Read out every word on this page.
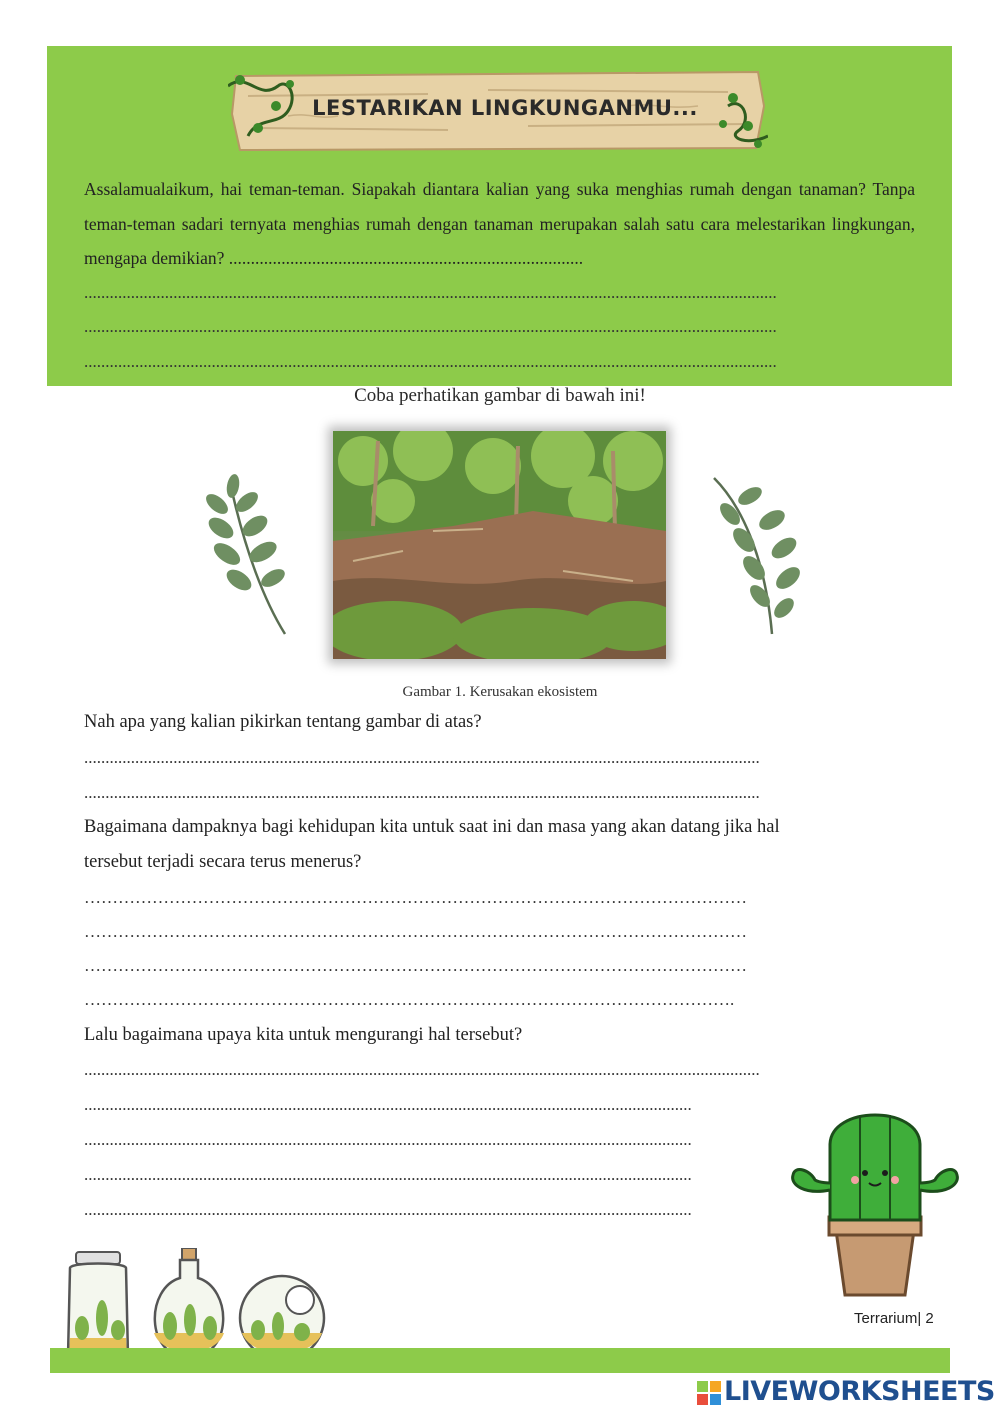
LESTARIKAN LINGKUNGANMU...

Assalamualaikum, hai teman-teman. Siapakah diantara kalian yang suka menghias rumah dengan tanaman? Tanpa teman-teman sadari ternyata menghias rumah dengan tanaman merupakan salah satu cara melestarikan lingkungan, mengapa demikian? .................................................................................

...................................................................................................................................................................
...................................................................................................................................................................
...................................................................................................................................................................
Coba perhatikan gambar di bawah ini!
Gambar 1. Kerusakan ekosistem
Nah apa yang kalian pikirkan tentang gambar di atas?
...............................................................................................................................................................
...............................................................................................................................................................
Bagaimana dampaknya bagi kehidupan kita untuk saat ini dan masa yang akan datang jika hal
tersebut terjadi secara terus menerus?
………………………………………………………………………………………………………
………………………………………………………………………………………………………
………………………………………………………………………………………………………
…………………………………………………………………………………………………….
Lalu bagaimana upaya kita untuk mengurangi hal tersebut?
...............................................................................................................................................................
...............................................................................................................................................
...............................................................................................................................................
...............................................................................................................................................
...............................................................................................................................................
Terrarium| 2
LIVEWORKSHEETS
